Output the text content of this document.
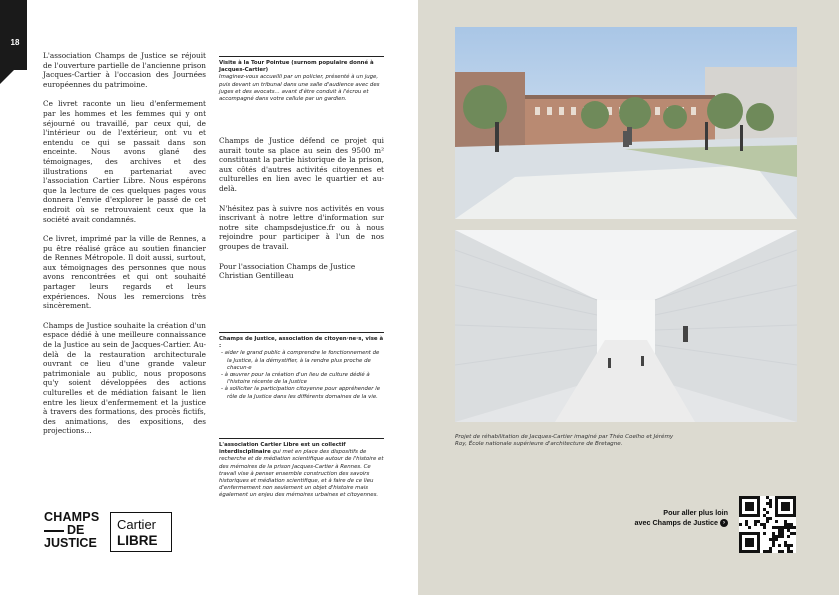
18

L'association Champs de Justice se réjouit de l'ouverture partielle de l'ancienne prison Jacques-Cartier à l'occasion des Journées européennes du patrimoine.

Ce livret raconte un lieu d'enfermement par les hommes et les femmes qui y ont séjourné ou travaillé, par ceux qui, de l'intérieur ou de l'extérieur, ont vu et entendu ce qui se passait dans son enceinte. Nous avons glané des témoignages, des archives et des illustrations en partenariat avec l'association Cartier Libre. Nous espérons que la lecture de ces quelques pages vous donnera l'envie d'explorer le passé de cet endroit où se retrouvaient ceux que la société avait condamnés.

Ce livret, imprimé par la ville de Rennes, a pu être réalisé grâce au soutien financier de Rennes Métropole. Il doit aussi, surtout, aux témoignages des personnes que nous avons rencontrées et qui ont souhaité partager leurs regards et leurs expériences. Nous les remercions très sincèrement.

Champs de Justice souhaite la création d'un espace dédié à une meilleure connaissance de la Justice au sein de Jacques-Cartier. Au-delà de la restauration architecturale ouvrant ce lieu d'une grande valeur patrimoniale au public, nous proposons qu'y soient développées des actions culturelles et de médiation faisant le lien entre les lieux d'enfermement et la justice à travers des formations, des procès fictifs, des animations, des expositions, des projections…

Visite à la Tour Pointue (surnom populaire donné à Jacques-Cartier)
Imaginez-vous accueilli par un policier, présenté à un juge, puis devant un tribunal dans une salle d'audience avec des juges et des avocats… avant d'être conduit à l'écrou et accompagné dans votre cellule par un gardien.

Champs de Justice défend ce projet qui aurait toute sa place au sein des 9500 m² constituant la partie historique de la prison, aux côtés d'autres activités citoyennes et culturelles en lien avec le quartier et au-delà.

N'hésitez pas à suivre nos activités en vous inscrivant à notre lettre d'information sur notre site champsdejustice.fr ou à nous rejoindre pour participer à l'un de nos groupes de travail.

Pour l'association Champs de Justice
Christian Gentilleau

Champs de Justice, association de citoyen·ne·s, vise à :
- aider le grand public à comprendre le fonctionnement de la Justice, à la démystifier, à la rendre plus proche de chacun·e
- à œuvrer pour la création d'un lieu de culture dédié à l'histoire récente de la Justice
- à solliciter la participation citoyenne pour appréhender le rôle de la Justice dans les différents domaines de la vie.
L'association Cartier Libre est un collectif interdisciplinaire qui met en place des dispositifs de recherche et de médiation scientifique autour de l'histoire et des mémoires de la prison Jacques-Cartier à Rennes. Ce travail vise à penser ensemble construction des savoirs historiques et médiation scientifique, et à faire de ce lieu d'enfermement non seulement un objet d'histoire mais également un enjeu des mémoires urbaines et citoyennes.
CHAMPS
DE
JUSTICE
Cartier
LIBRE
Projet de réhabilitation de Jacques-Cartier imaginé par Théo Coelho et Jérémy Roy, École nationale supérieure d'architecture de Bretagne.
Pour aller plus loin
avec Champs de Justice ›
